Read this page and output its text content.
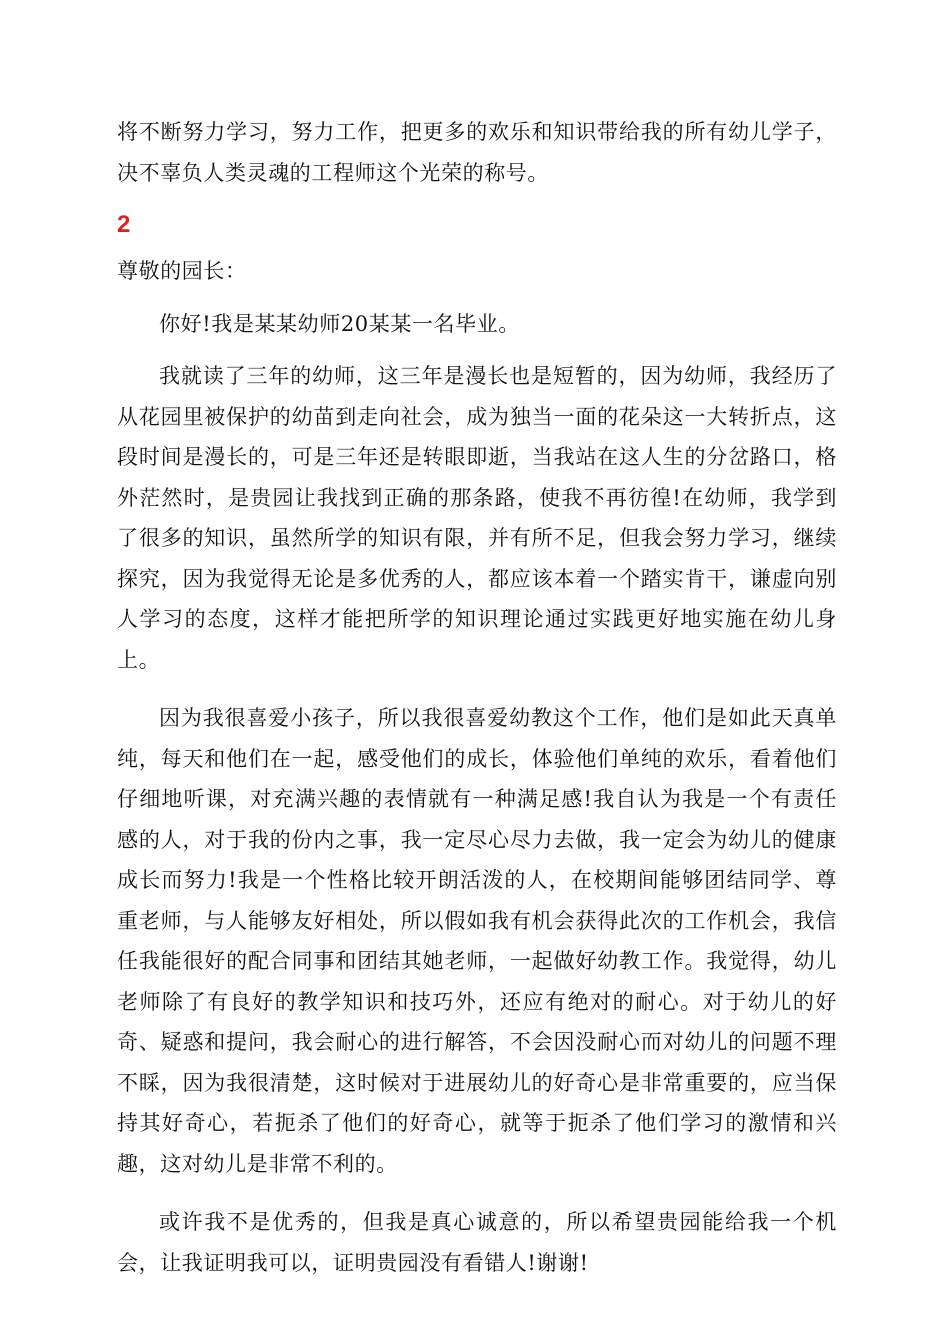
将不断努力学习，努力工作，把更多的欢乐和知识带给我的所有幼儿学子，决不辜负人类灵魂的工程师这个光荣的称号。

2
尊敬的园长：

你好!我是某某幼师20某某一名毕业。

我就读了三年的幼师，这三年是漫长也是短暂的，因为幼师，我经历了从花园里被保护的幼苗到走向社会，成为独当一面的花朵这一大转折点，这段时间是漫长的，可是三年还是转眼即逝，当我站在这人生的分岔路口，格外茫然时，是贵园让我找到正确的那条路，使我不再彷徨!在幼师，我学到了很多的知识，虽然所学的知识有限，并有所不足，但我会努力学习，继续探究，因为我觉得无论是多优秀的人，都应该本着一个踏实肯干，谦虚向别人学习的态度，这样才能把所学的知识理论通过实践更好地实施在幼儿身上。

因为我很喜爱小孩子，所以我很喜爱幼教这个工作，他们是如此天真单纯，每天和他们在一起，感受他们的成长，体验他们单纯的欢乐，看着他们仔细地听课，对充满兴趣的表情就有一种满足感!我自认为我是一个有责任感的人，对于我的份内之事，我一定尽心尽力去做，我一定会为幼儿的健康成长而努力!我是一个性格比较开朗活泼的人，在校期间能够团结同学、尊重老师，与人能够友好相处，所以假如我有机会获得此次的工作机会，我信任我能很好的配合同事和团结其她老师，一起做好幼教工作。我觉得，幼儿老师除了有良好的教学知识和技巧外，还应有绝对的耐心。对于幼儿的好奇、疑惑和提问，我会耐心的进行解答，不会因没耐心而对幼儿的问题不理不睬，因为我很清楚，这时候对于进展幼儿的好奇心是非常重要的，应当保持其好奇心，若扼杀了他们的好奇心，就等于扼杀了他们学习的激情和兴趣，这对幼儿是非常不利的。

或许我不是优秀的，但我是真心诚意的，所以希望贵园能给我一个机会，让我证明我可以，证明贵园没有看错人!谢谢!
